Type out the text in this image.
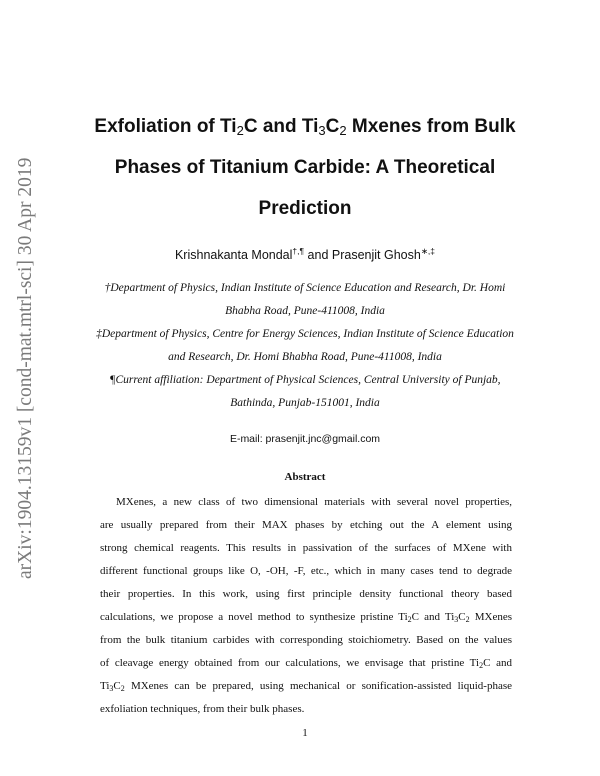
arXiv:1904.13159v1 [cond-mat.mtrl-sci] 30 Apr 2019
Exfoliation of $Ti_2C$ and $Ti_3C_2$ Mxenes from Bulk
Phases of Titanium Carbide: A Theoretical
Prediction
Krishnakanta Mondal†,¶ and Prasenjit Ghosh∗,‡
†Department of Physics, Indian Institute of Science Education and Research, Dr. Homi
Bhabha Road, Pune-411008, India
‡Department of Physics, Centre for Energy Sciences, Indian Institute of Science Education
and Research, Dr. Homi Bhabha Road, Pune-411008, India
¶Current affiliation: Department of Physical Sciences, Central University of Punjab,
Bathinda, Punjab-151001, India
E-mail: prasenjit.jnc@gmail.com
Abstract
MXenes, a new class of two dimensional materials with several novel properties,
are usually prepared from their MAX phases by etching out the A element using
strong chemical reagents. This results in passivation of the surfaces of MXene with
different functional groups like O, -OH, -F, etc., which in many cases tend to degrade
their properties. In this work, using first principle density functional theory based
calculations, we propose a novel method to synthesize pristine $Ti_2C$ and $Ti_3C_2$ MXenes
from the bulk titanium carbides with corresponding stoichiometry. Based on the values
of cleavage energy obtained from our calculations, we envisage that pristine $Ti_2C$ and
$Ti_3C_2$ MXenes can be prepared, using mechanical or sonification-assisted liquid-phase
exfoliation techniques, from their bulk phases.
1
